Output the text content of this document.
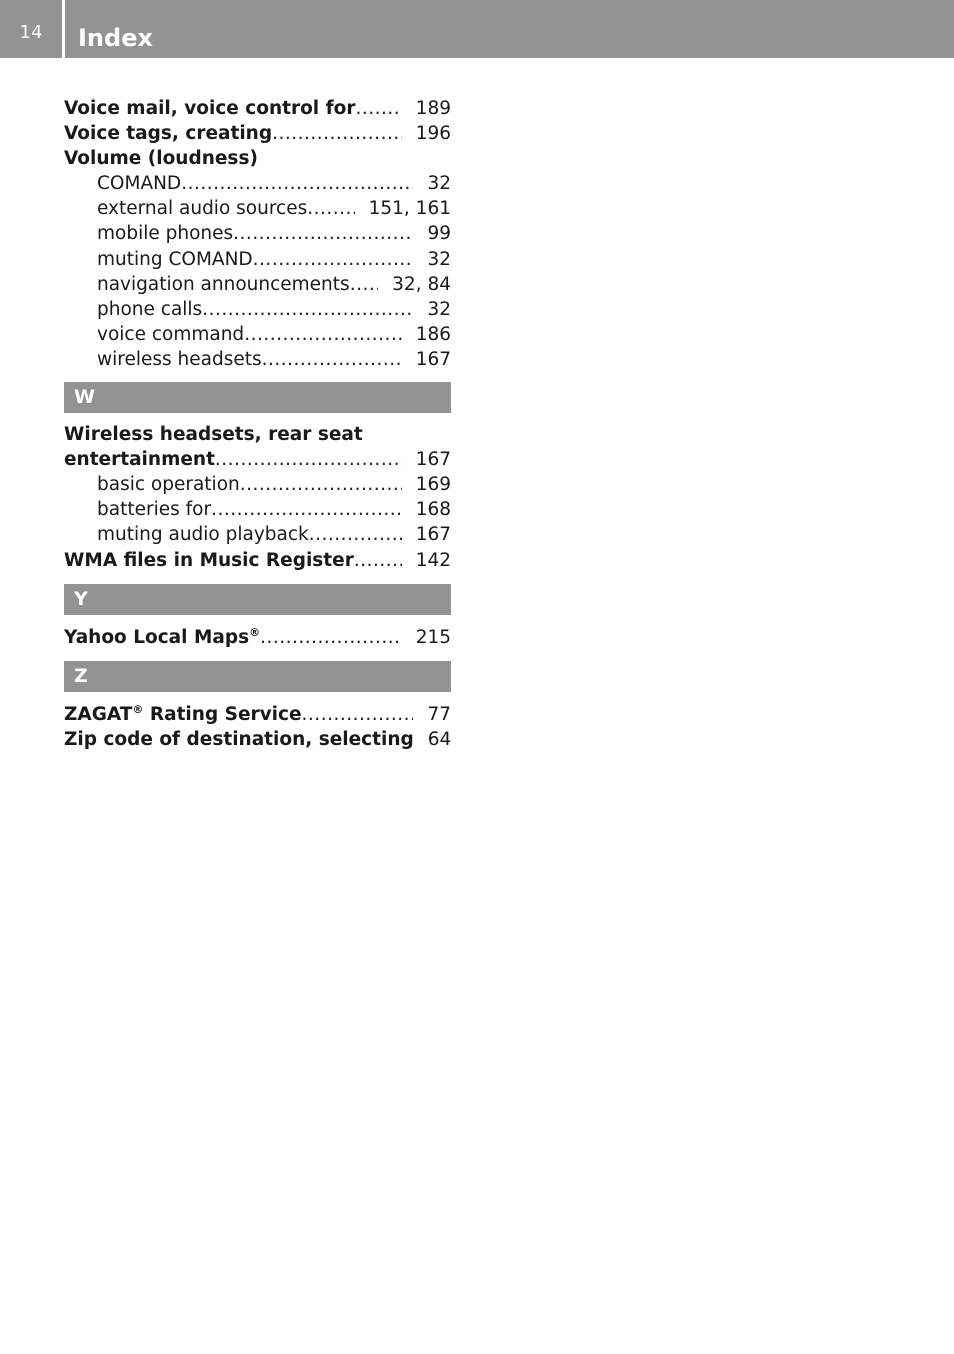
14	Index
Voice mail, voice control for .....	189
Voice tags, creating .....	196
Volume (loudness)
COMAND .....	32
external audio sources .....	151, 161
mobile phones .....	99
muting COMAND .....	32
navigation announcements .....	32, 84
phone calls .....	32
voice command .....	186
wireless headsets .....	167
W
Wireless headsets, rear seat
entertainment .....	167
basic operation .....	169
batteries for .....	168
muting audio playback .....	167
WMA files in Music Register .....	142
Y
Yahoo Local Maps® .....	215
Z
ZAGAT® Rating Service .....	77
Zip code of destination, selecting 64
